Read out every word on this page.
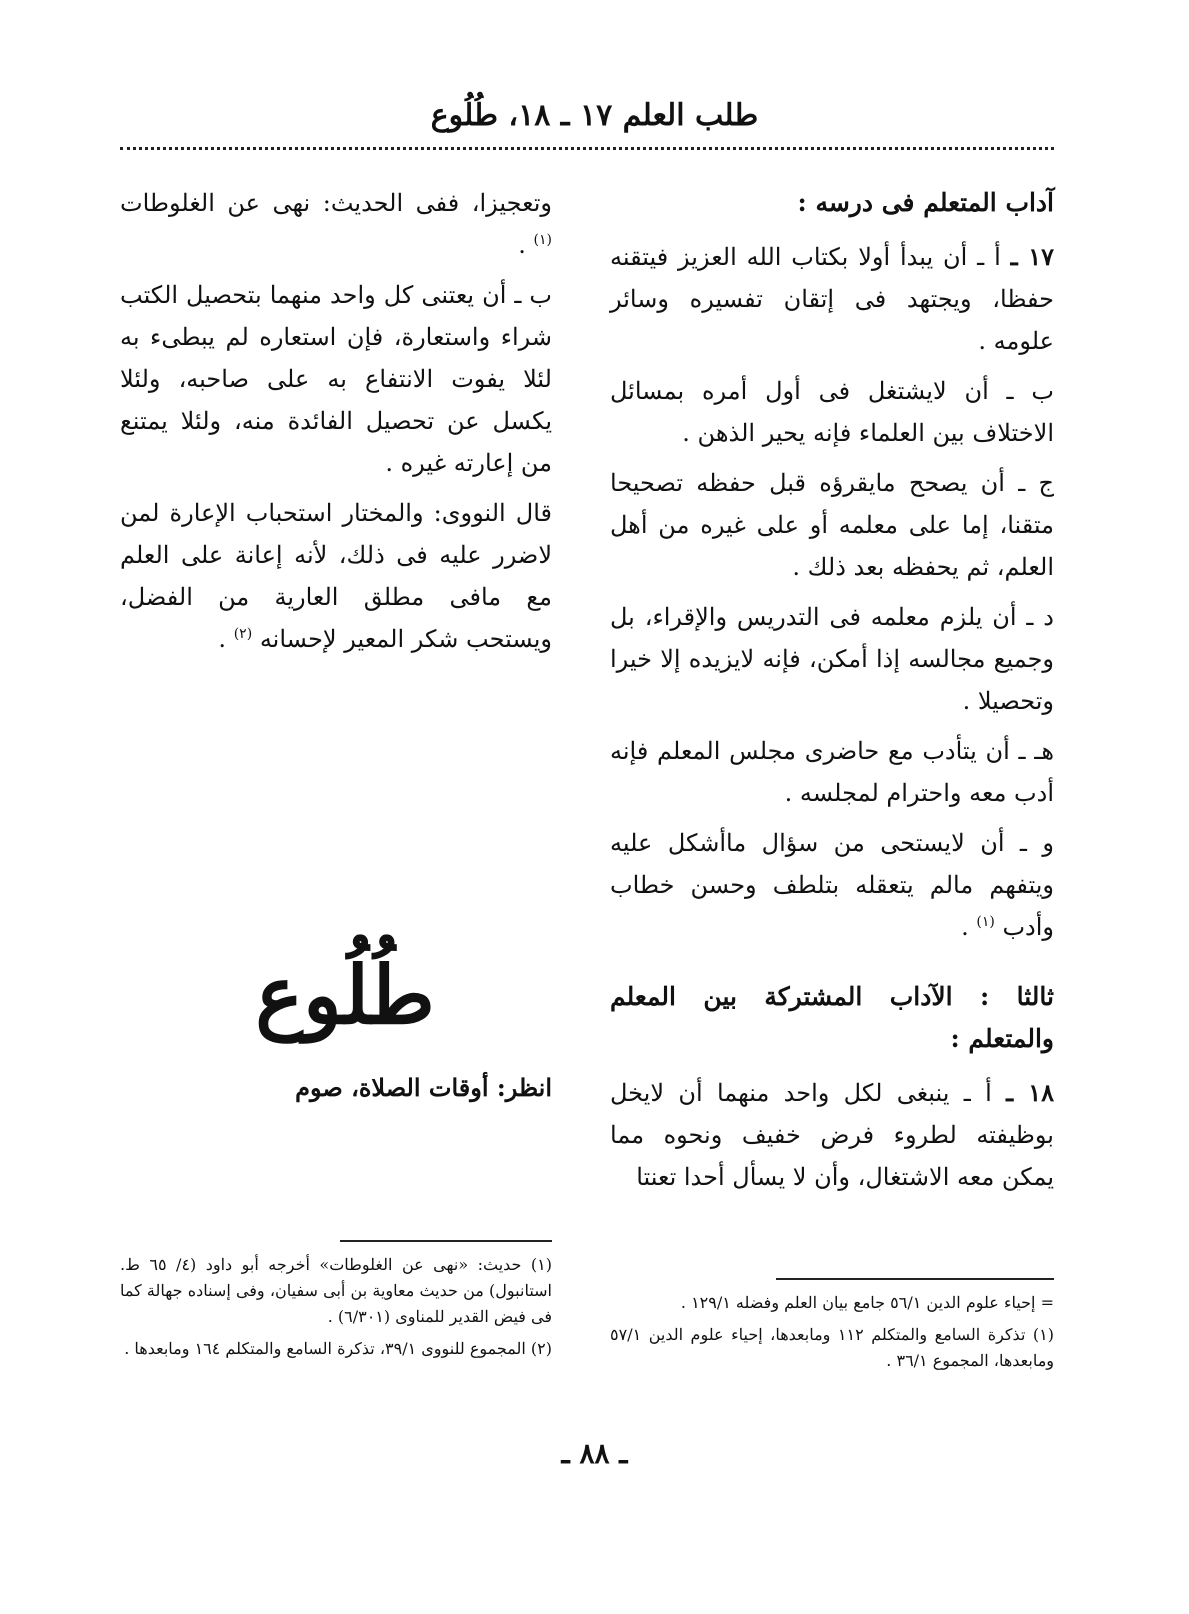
طلب العلم ١٧ ـ ١٨، طُلُوع

آداب المتعلم فى درسه :

١٧ ـ أ ـ أن يبدأ أولا بكتاب الله العزيز فيتقنه حفظا، ويجتهد فى إتقان تفسيره وسائر علومه .

ب ـ أن لايشتغل فى أول أمره بمسائل الاختلاف بين العلماء فإنه يحير الذهن .

ج ـ أن يصحح مايقرؤه قبل حفظه تصحيحا متقنا، إما على معلمه أو على غيره من أهل العلم، ثم يحفظه بعد ذلك .

د ـ أن يلزم معلمه فى التدريس والإقراء، بل وجميع مجالسه إذا أمكن، فإنه لايزيده إلا خيرا وتحصيلا .

هـ ـ أن يتأدب مع حاضرى مجلس المعلم فإنه أدب معه واحترام لمجلسه .

و ـ أن لايستحى من سؤال ماأشكل عليه ويتفهم مالم يتعقله بتلطف وحسن خطاب وأدب $^{(١)}$ .

ثالثا : الآداب المشتركة بين المعلم والمتعلم :

١٨ ـ أ ـ ينبغى لكل واحد منهما أن لايخل بوظيفته لطروء فرض خفيف ونحوه مما يمكن معه الاشتغال، وأن لا يسأل أحدا تعنتا

وتعجيزا، ففى الحديث: نهى عن الغلوطات $^{(١)}$ .

ب ـ أن يعتنى كل واحد منهما بتحصيل الكتب شراء واستعارة، فإن استعاره لم يبطىء به لئلا يفوت الانتفاع به على صاحبه، ولئلا يكسل عن تحصيل الفائدة منه، ولئلا يمتنع من إعارته غيره .

قال النووى: والمختار استحباب الإعارة لمن لاضرر عليه فى ذلك، لأنه إعانة على العلم مع مافى مطلق العارية من الفضل، ويستحب شكر المعير لإحسانه $^{(٢)}$ .

طُلُوع
انظر: أوقات الصلاة، صوم

(١) حديث: «نهى عن الغلوطات» أخرجه أبو داود (٤/ ٦٥ ط. استانبول) من حديث معاوية بن أبى سفيان، وفى إسناده جهالة كما فى فيض القدير للمناوى (٦/٣٠١) .

(٢) المجموع للنووى ٣٩/١، تذكرة السامع والمتكلم ١٦٤ ومابعدها .

= إحياء علوم الدين ٥٦/١ جامع بيان العلم وفضله ١٢٩/١ .

(١) تذكرة السامع والمتكلم ١١٢ ومابعدها، إحياء علوم الدين ٥٧/١ ومابعدها، المجموع ٣٦/١ .

ـ ٨٨ ـ
